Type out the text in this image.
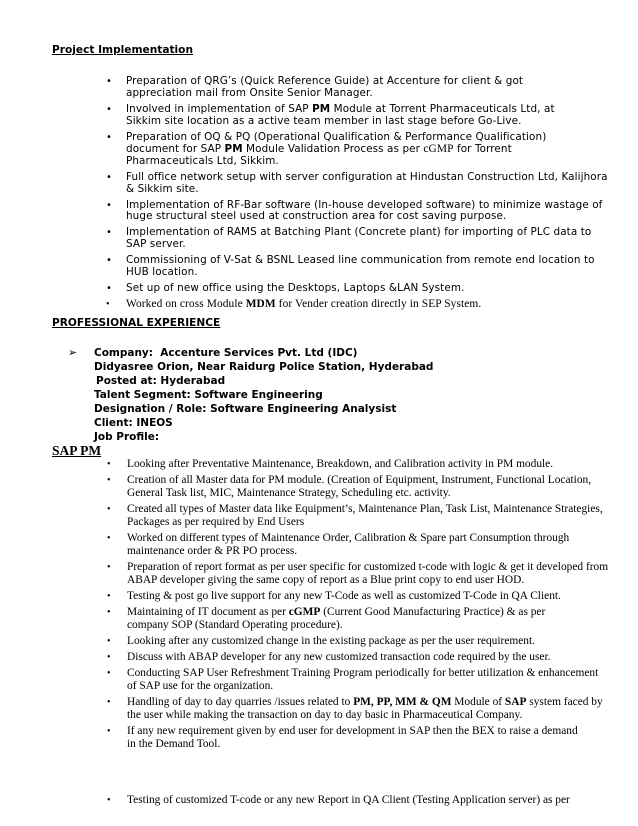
Project Implementation
• Preparation of QRG’s (Quick Reference Guide) at Accenture for client & got
appreciation mail from Onsite Senior Manager.
• Involved in implementation of SAP PM Module at Torrent Pharmaceuticals Ltd, at
Sikkim site location as a active team member in last stage before Go-Live.
• Preparation of OQ & PQ (Operational Qualification & Performance Qualification)
document for SAP PM Module Validation Process as per cGMP for Torrent
Pharmaceuticals Ltd, Sikkim.
• Full office network setup with server configuration at Hindustan Construction Ltd, Kalijhora
& Sikkim site.
• Implementation of RF-Bar software (In-house developed software) to minimize wastage of
huge structural steel used at construction area for cost saving purpose.
• Implementation of RAMS at Batching Plant (Concrete plant) for importing of PLC data to
SAP server.
• Commissioning of V-Sat & BSNL Leased line communication from remote end location to
HUB location.
• Set up of new office using the Desktops, Laptops &LAN System.
• Worked on cross Module MDM for Vender creation directly in SEP System.
PROFESSIONAL EXPERIENCE
➢ Company:  Accenture Services Pvt. Ltd (IDC)
Didyasree Orion, Near Raidurg Police Station, Hyderabad
Posted at: Hyderabad
Talent Segment: Software Engineering
Designation / Role: Software Engineering Analysist
Client: INEOS
Job Profile:
SAP PM
• Looking after Preventative Maintenance, Breakdown, and Calibration activity in PM module.
• Creation of all Master data for PM module. (Creation of Equipment, Instrument, Functional Location,
General Task list, MIC, Maintenance Strategy, Scheduling etc. activity.
• Created all types of Master data like Equipment’s, Maintenance Plan, Task List, Maintenance Strategies,
Packages as per required by End Users
• Worked on different types of Maintenance Order, Calibration & Spare part Consumption through
maintenance order & PR PO process.
• Preparation of report format as per user specific for customized t-code with logic & get it developed from
ABAP developer giving the same copy of report as a Blue print copy to end user HOD.
• Testing & post go live support for any new T-Code as well as customized T-Code in QA Client.
• Maintaining of IT document as per cGMP (Current Good Manufacturing Practice) & as per
company SOP (Standard Operating procedure).
• Looking after any customized change in the existing package as per the user requirement.
• Discuss with ABAP developer for any new customized transaction code required by the user.
• Conducting SAP User Refreshment Training Program periodically for better utilization & enhancement
of SAP use for the organization.
• Handling of day to day quarries /issues related to PM, PP, MM & QM Module of SAP system faced by
the user while making the transaction on day to day basic in Pharmaceutical Company.
• If any new requirement given by end user for development in SAP then the BEX to raise a demand
in the Demand Tool.
• Testing of customized T-code or any new Report in QA Client (Testing Application server) as per
